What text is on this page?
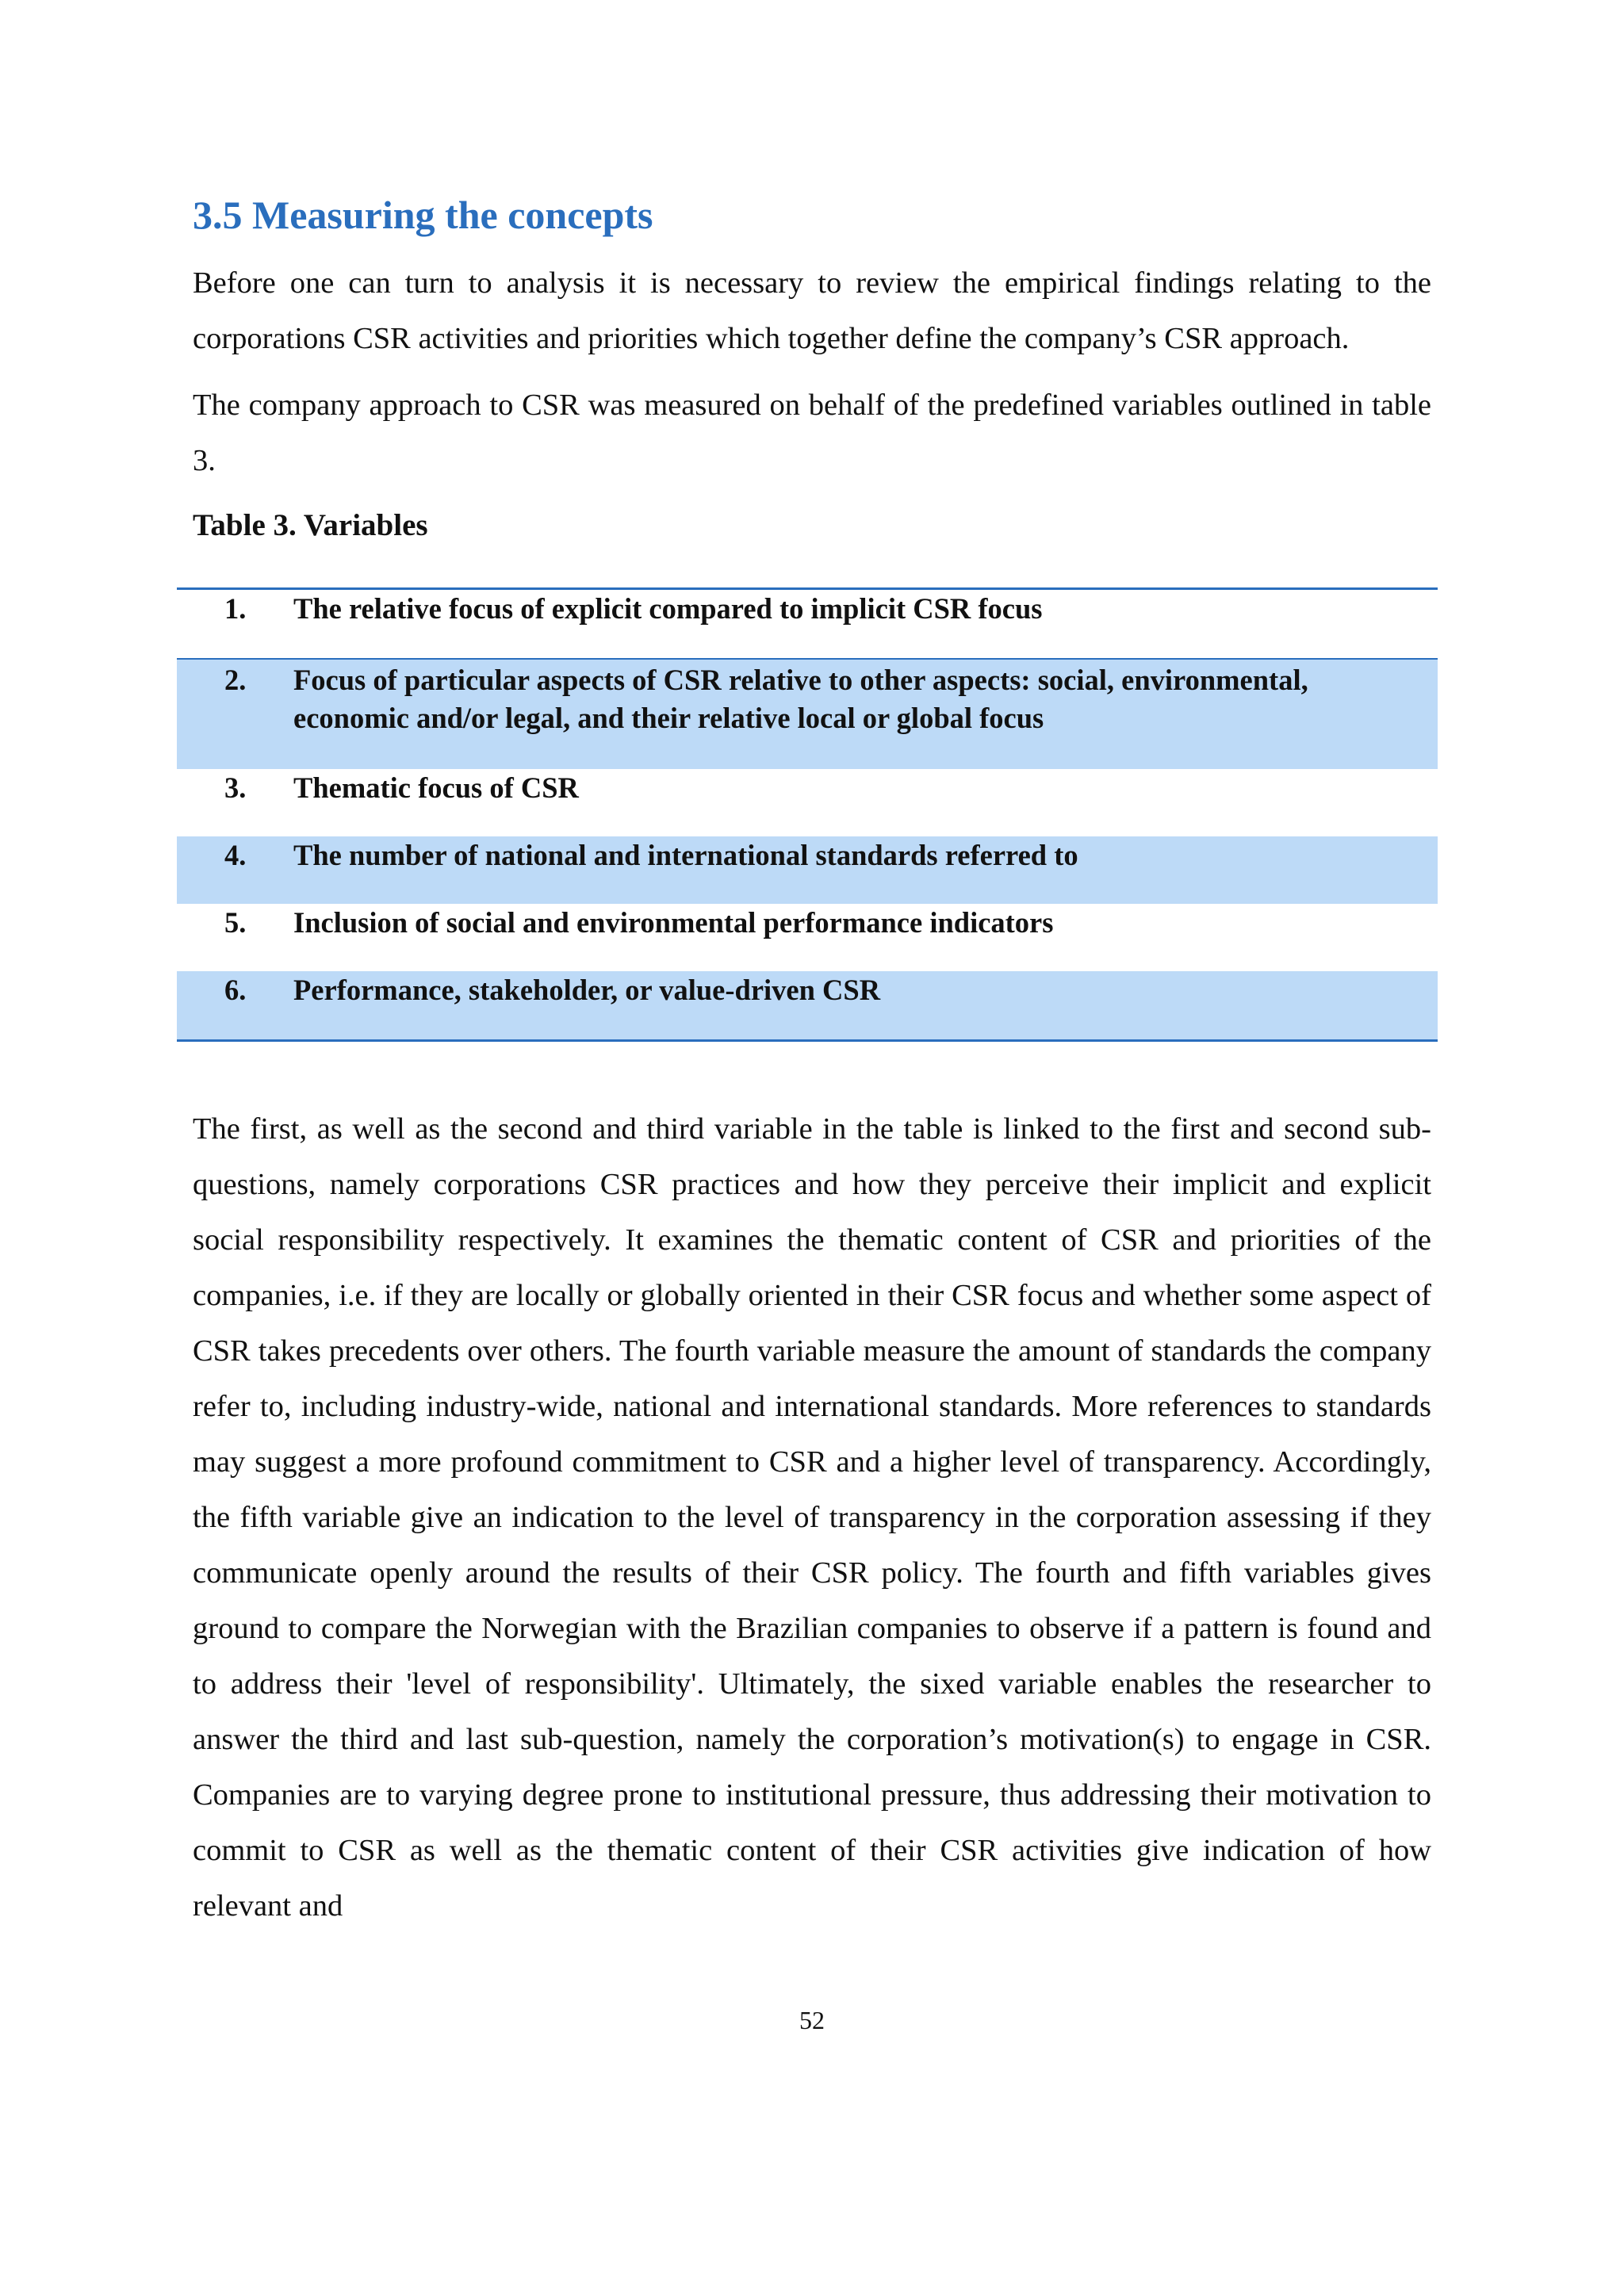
3.5 Measuring the concepts

Before one can turn to analysis it is necessary to review the empirical findings relating to the corporations CSR activities and priorities which together define the company’s CSR approach.

The company approach to CSR was measured on behalf of the predefined variables outlined in table 3.

Table 3. Variables

1.	The relative focus of explicit compared to implicit CSR focus
2.	Focus of particular aspects of CSR relative to other aspects: social, environmental, economic and/or legal, and their relative local or global focus
3.	Thematic focus of CSR
4.	The number of national and international standards referred to
5.	Inclusion of social and environmental performance indicators
6.	Performance, stakeholder, or value-driven CSR

The first, as well as the second and third variable in the table is linked to the first and second sub-questions, namely corporations CSR practices and how they perceive their implicit and explicit social responsibility respectively. It examines the thematic content of CSR and priorities of the companies, i.e. if they are locally or globally oriented in their CSR focus and whether some aspect of CSR takes precedents over others. The fourth variable measure the amount of standards the company refer to, including industry-wide, national and international standards. More references to standards may suggest a more profound commitment to CSR and a higher level of transparency. Accordingly, the fifth variable give an indication to the level of transparency in the corporation assessing if they communicate openly around the results of their CSR policy. The fourth and fifth variables gives ground to compare the Norwegian with the Brazilian companies to observe if a pattern is found and to address their 'level of responsibility'. Ultimately, the sixed variable enables the researcher to answer the third and last sub-question, namely the corporation’s motivation(s) to engage in CSR. Companies are to varying degree prone to institutional pressure, thus addressing their motivation to commit to CSR as well as the thematic content of their CSR activities give indication of how relevant and

52
